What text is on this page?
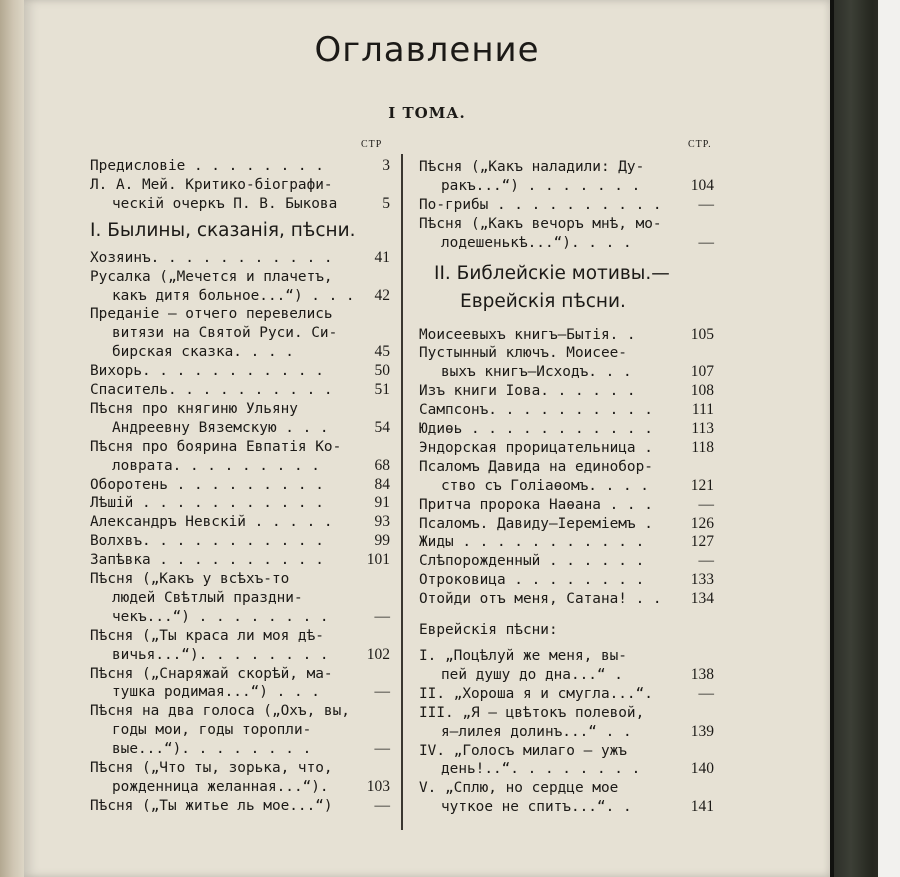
Оглавление
I ТОМА.
СТР	СТР.
Предисловiе . . . . . . . .	3
Л. А. Мей. Критико-бiографи-
ческiй очеркъ П. В. Быкова	5
I. Былины, сказанiя, пѣсни.
Хозяинъ. . . . . . . . . . .	41
Русалка („Мечется и плачетъ,
какъ дитя больное...“) . . .	42
Преданiе — отчего перевелись
витязи на Святой Руси. Си-
бирская сказка. . . .	45
Вихорь. . . . . . . . . . .	50
Спаситель. . . . . . . . . .	51
Пѣсня про княгиню Ульяну
Андреевну Вяземскую . . .	54
Пѣсня про боярина Евпатiя Ко-
ловрата. . . . . . . . .	68
Оборотень . . . . . . . . .	84
Лѣшiй . . . . . . . . . . .	91
Александръ Невскiй . . . . .	93
Волхвъ. . . . . . . . . . .	99
Запѣвка . . . . . . . . . .	101
Пѣсня („Какъ у всѣхъ-то
людей Свѣтлый праздни-
чекъ...“) . . . . . . . .	—
Пѣсня („Ты краса ли моя дѣ-
вичья...“). . . . . . . .	102
Пѣсня („Снаряжай скорѣй, ма-
тушка родимая...“) . . .	—
Пѣсня на два голоса („Охъ, вы,
годы мои, годы торопли-
вые...“). . . . . . . .	—
Пѣсня („Что ты, зорька, что,
рожденница желанная...“).	103
Пѣсня („Ты житье ль мое...“)	—
Пѣсня („Какъ наладили: Ду-
ракъ...“) . . . . . . .	104
По-грибы . . . . . . . . . .	—
Пѣсня („Какъ вечоръ мнѣ, мо-
лодешенькѣ...“). . . .	—
II. Библейскiе мотивы.—
Еврейскiя пѣсни.
Моисеевыхъ книгъ—Бытiя. .	105
Пустынный ключъ. Моисее-
выхъ книгъ—Исходъ. . .	107
Изъ книги Iова. . . . . .	108
Сампсонъ. . . . . . . . . .	111
Юдиѳь . . . . . . . . . . .	113
Эндорская прорицательница .	118
Псаломъ Давида на единобор-
ство съ Голiаѳомъ. . . .	121
Притча пророка Наѳана . . .	—
Псаломъ. Давиду—Iеремiемъ .	126
Жиды . . . . . . . . . . .	127
Слѣпорожденный . . . . . .	—
Отроковица . . . . . . . .	133
Отойди отъ меня, Сатана! . .	134
Еврейскiя пѣсни:
I. „Поцѣлуй же меня, вы-
пей душу до дна...“ .	138
II. „Хороша я и смугла...“.	—
III. „Я — цвѣтокъ полевой,
я—лилея долинъ...“ . .	139
IV. „Голосъ милаго — ужъ
день!..“. . . . . . . .	140
V. „Сплю, но сердце мое
чуткое не спитъ...“. .	141
